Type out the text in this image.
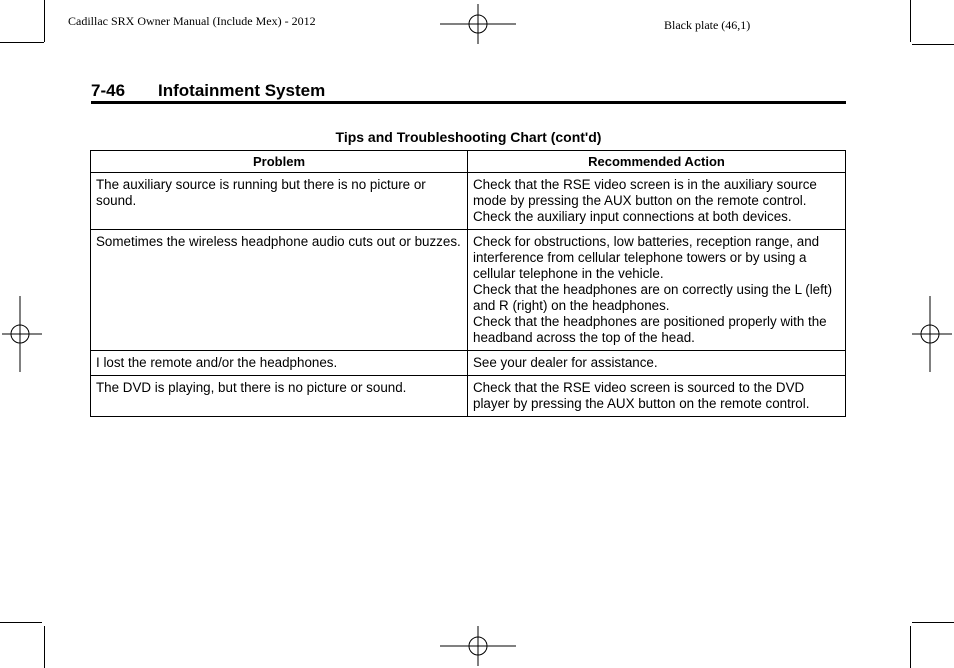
Cadillac SRX Owner Manual (Include Mex) - 2012	Black plate (46,1)
7-46 Infotainment System
Tips and Troubleshooting Chart (cont'd)
Problem	Recommended Action
The auxiliary source is running but there is no picture or sound.	Check that the RSE video screen is in the auxiliary source mode by pressing the AUX button on the remote control.
Check the auxiliary input connections at both devices.

Sometimes the wireless headphone audio cuts out or buzzes.	Check for obstructions, low batteries, reception range, and interference from cellular telephone towers or by using a cellular telephone in the vehicle.
Check that the headphones are on correctly using the L (left) and R (right) on the headphones.
Check that the headphones are positioned properly with the headband across the top of the head.

I lost the remote and/or the headphones.	See your dealer for assistance.

The DVD is playing, but there is no picture or sound.	Check that the RSE video screen is sourced to the DVD player by pressing the AUX button on the remote control.
